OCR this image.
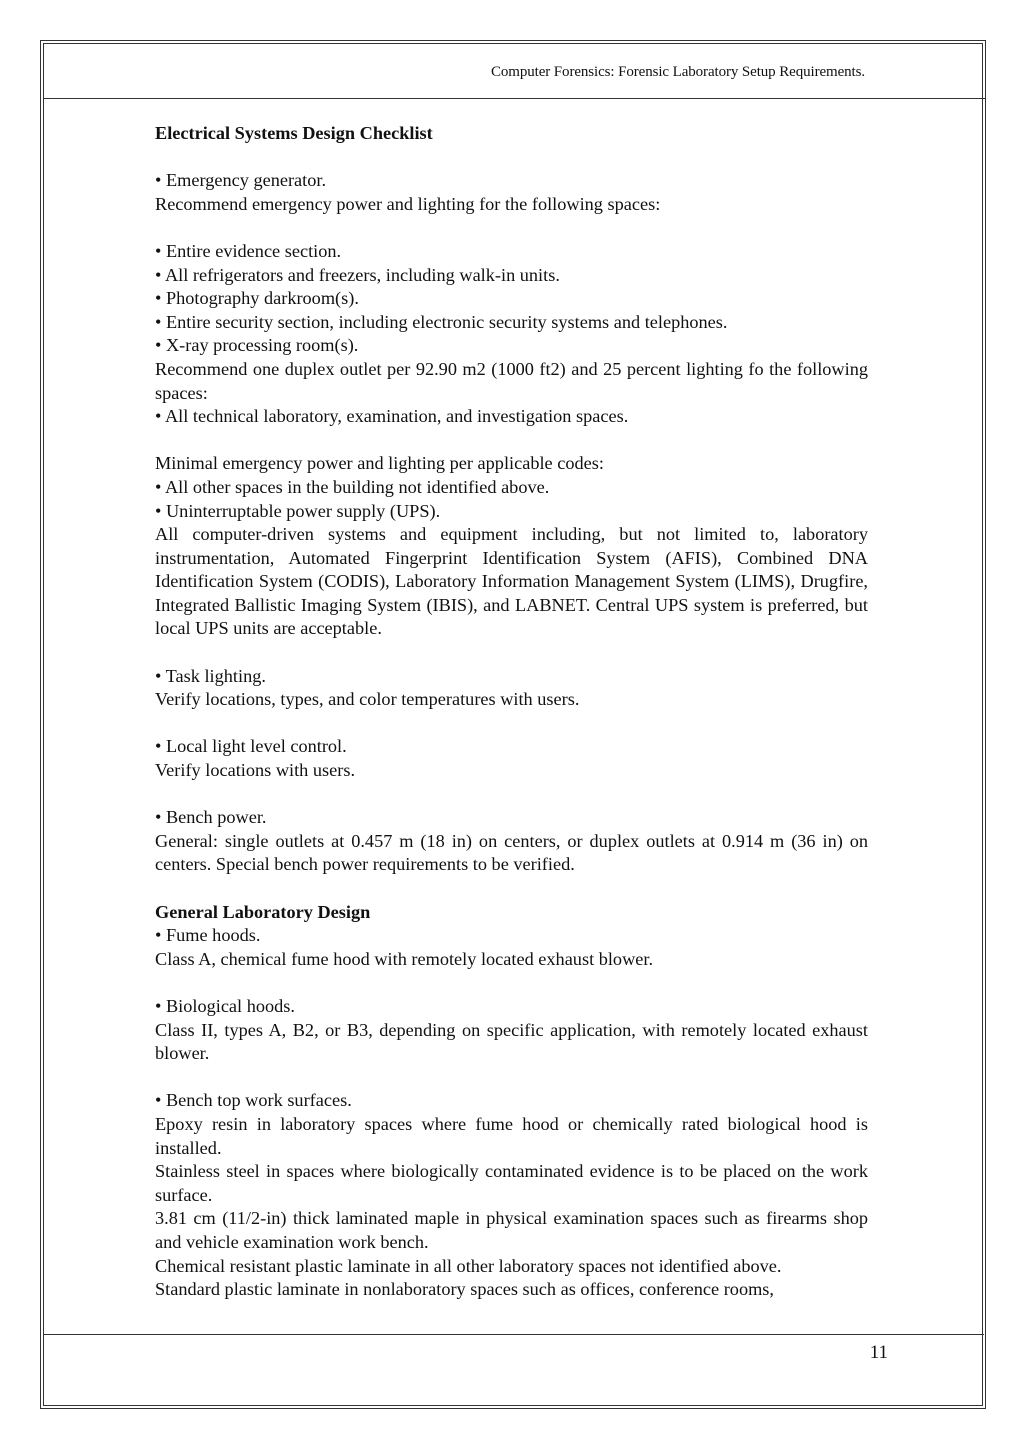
Computer Forensics: Forensic Laboratory Setup Requirements.

Electrical Systems Design Checklist

• Emergency generator.

Recommend emergency power and lighting for the following spaces:

• Entire evidence section.

• All refrigerators and freezers, including walk-in units.

• Photography darkroom(s).

• Entire security section, including electronic security systems and telephones.

• X-ray processing room(s).

Recommend one duplex outlet per 92.90 m2 (1000 ft2) and 25 percent lighting fo the following spaces:

• All technical laboratory, examination, and investigation spaces.

Minimal emergency power and lighting per applicable codes:

• All other spaces in the building not identified above.

• Uninterruptable power supply (UPS).

All computer-driven systems and equipment including, but not limited to, laboratory instrumentation, Automated Fingerprint Identification System (AFIS), Combined DNA Identification System (CODIS), Laboratory Information Management System (LIMS), Drugfire, Integrated Ballistic Imaging System (IBIS), and LABNET. Central UPS system is preferred, but local UPS units are acceptable.

• Task lighting.

Verify locations, types, and color temperatures with users.

• Local light level control.

Verify locations with users.

• Bench power.

General: single outlets at 0.457 m (18 in) on centers, or duplex outlets at 0.914 m (36 in) on centers. Special bench power requirements to be verified.

General Laboratory Design

• Fume hoods.

Class A, chemical fume hood with remotely located exhaust blower.

• Biological hoods.

Class II, types A, B2, or B3, depending on specific application, with remotely located exhaust blower.

• Bench top work surfaces.

Epoxy resin in laboratory spaces where fume hood or chemically rated biological hood is installed.

Stainless steel in spaces where biologically contaminated evidence is to be placed on the work surface.

3.81 cm (11/2-in) thick laminated maple in physical examination spaces such as firearms shop and vehicle examination work bench.

Chemical resistant plastic laminate in all other laboratory spaces not identified above.

Standard plastic laminate in nonlaboratory spaces such as offices, conference rooms,

11
